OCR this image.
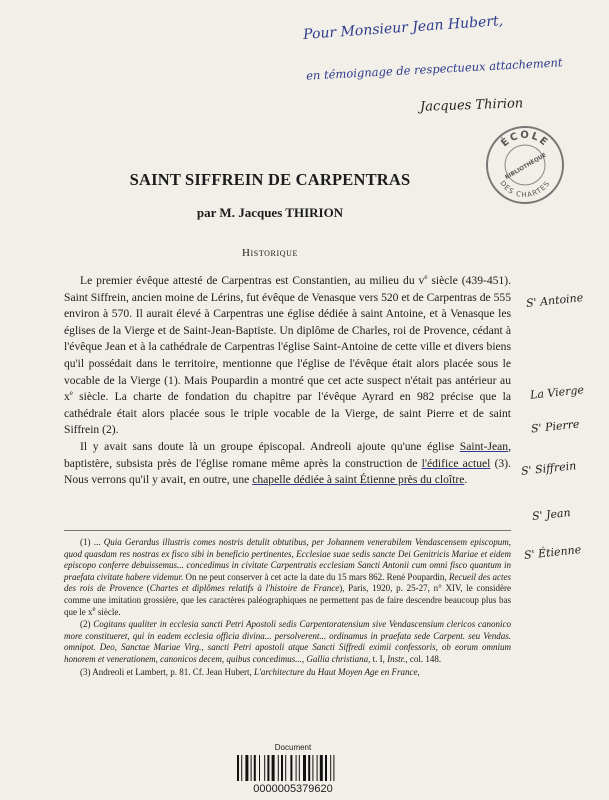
Pour Monsieur Jean Hubert,
en témoignage de respectueux attachement
Jacques Thirion
ÉCOLE
BIBLIOTHÈQUE
DES CHARTES
SAINT SIFFREIN DE CARPENTRAS
par M. Jacques THIRION
Historique

Le premier évêque attesté de Carpentras est Constantien, au milieu du $v^e$ siècle (439-451). Saint Siffrein, ancien moine de Lérins, fut évêque de Venasque vers 520 et de Carpentras de 555 environ à 570. Il aurait élevé à Carpentras une église dédiée à saint Antoine, et à Venasque les églises de la Vierge et de Saint-Jean-Baptiste. Un diplôme de Charles, roi de Provence, cédant à l'évêque Jean et à la cathédrale de Carpentras l'église Saint-Antoine de cette ville et divers biens qu'il possédait dans le territoire, mentionne que l'église de l'évêque était alors placée sous le vocable de la Vierge (1). Mais Poupardin a montré que cet acte suspect n'était pas antérieur au $x^e$ siècle. La charte de fondation du chapitre par l'évêque Ayrard en 982 précise que la cathédrale était alors placée sous le triple vocable de la Vierge, de saint Pierre et de saint Siffrein (2).

Il y avait sans doute là un groupe épiscopal. Andreoli ajoute qu'une église Saint-Jean, baptistère, subsista près de l'église romane même après la construction de l'édifice actuel (3). Nous verrons qu'il y avait, en outre, une chapelle dédiée à saint Étienne près du cloître.

S' Antoine
La Vierge
S' Pierre
S' Siffrein
S' Jean
S' Étienne

(1) ... Quia Gerardus illustris comes nostris detulit obtutibus, per Johannem venerabilem Vendascensem episcopum, quod quasdam res nostras ex fisco sibi in beneficio pertinentes, Ecclesiae suae sedis sancte Dei Genitricis Mariae et eidem episcopo conferre debuissemus... concedimus in civitate Carpentratis ecclesiam Sancti Antonii cum omni fisco quantum in praefata civitate habere videmur. On ne peut conserver à cet acte la date du 15 mars 862. René Poupardin, Recueil des actes des rois de Provence (Chartes et diplômes relatifs à l'histoire de France), Paris, 1920, p. 25-27, n° XIV, le considère comme une imitation grossière, que les caractères paléographiques ne permettent pas de faire descendre beaucoup plus bas que le $x^e$ siècle.

(2) Cogitans qualiter in ecclesia sancti Petri Apostoli sedis Carpentoratensium sive Vendascensium clericos canonico more constitueret, qui in eadem ecclesia officia divina... persolverent... ordinamus in praefata sede Carpent. seu Vendas. omnipot. Deo, Sanctae Mariae Virg., sancti Petri apostoli atque Sancti Siffredi eximii confessoris, ob eorum omnium honorem et venerationem, canonicos decem, quibus concedimus..., Gallia christiana, t. I, Instr., col. 148.

(3) Andreoli et Lambert, p. 81. Cf. Jean Hubert, L'architecture du Haut Moyen Age en France,

Document
0000005379620
